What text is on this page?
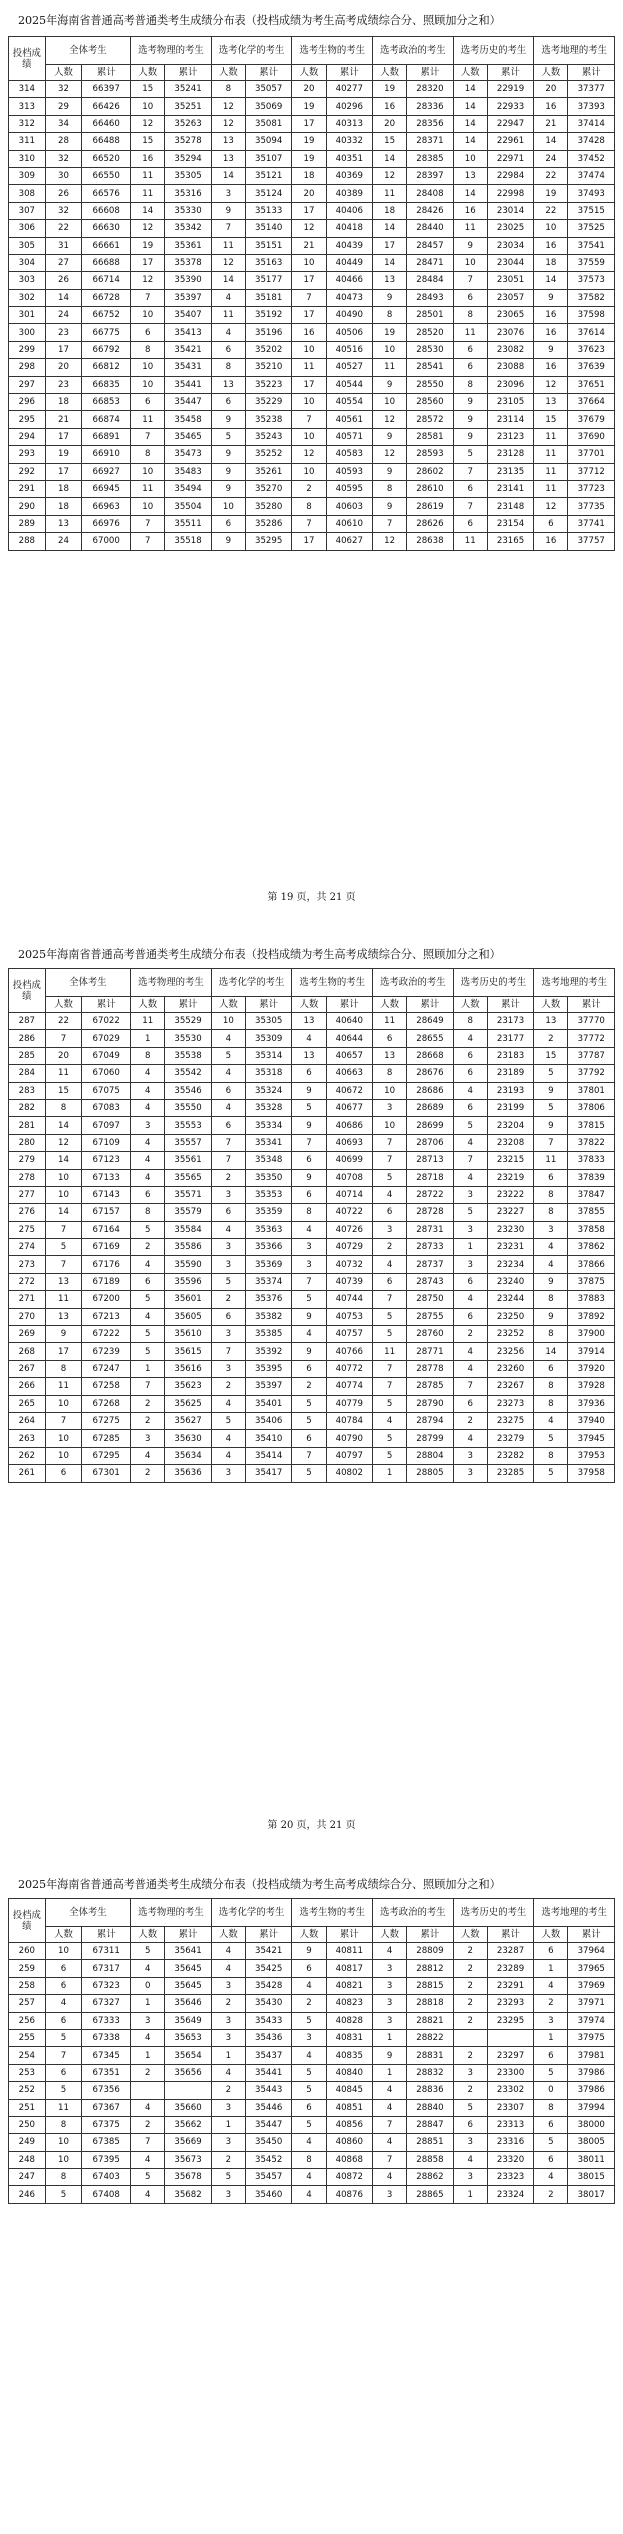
2025年海南省普通高考普通类考生成绩分布表（投档成绩为考生高考成绩综合分、照顾加分之和）
投档成绩	全体考生		选考物理的考生		选考化学的考生		选考生物的考生		选考政治的考生		选考历史的考生		选考地理的考生	
	人数	累计	人数	累计	人数	累计	人数	累计	人数	累计	人数	累计	人数	累计
314	32	66397	15	35241	8	35057	20	40277	19	28320	14	22919	20	37377
313	29	66426	10	35251	12	35069	19	40296	16	28336	14	22933	16	37393
312	34	66460	12	35263	12	35081	17	40313	20	28356	14	22947	21	37414
311	28	66488	15	35278	13	35094	19	40332	15	28371	14	22961	14	37428
310	32	66520	16	35294	13	35107	19	40351	14	28385	10	22971	24	37452
309	30	66550	11	35305	14	35121	18	40369	12	28397	13	22984	22	37474
308	26	66576	11	35316	3	35124	20	40389	11	28408	14	22998	19	37493
307	32	66608	14	35330	9	35133	17	40406	18	28426	16	23014	22	37515
306	22	66630	12	35342	7	35140	12	40418	14	28440	11	23025	10	37525
305	31	66661	19	35361	11	35151	21	40439	17	28457	9	23034	16	37541
304	27	66688	17	35378	12	35163	10	40449	14	28471	10	23044	18	37559
303	26	66714	12	35390	14	35177	17	40466	13	28484	7	23051	14	37573
302	14	66728	7	35397	4	35181	7	40473	9	28493	6	23057	9	37582
301	24	66752	10	35407	11	35192	17	40490	8	28501	8	23065	16	37598
300	23	66775	6	35413	4	35196	16	40506	19	28520	11	23076	16	37614
299	17	66792	8	35421	6	35202	10	40516	10	28530	6	23082	9	37623
298	20	66812	10	35431	8	35210	11	40527	11	28541	6	23088	16	37639
297	23	66835	10	35441	13	35223	17	40544	9	28550	8	23096	12	37651
296	18	66853	6	35447	6	35229	10	40554	10	28560	9	23105	13	37664
295	21	66874	11	35458	9	35238	7	40561	12	28572	9	23114	15	37679
294	17	66891	7	35465	5	35243	10	40571	9	28581	9	23123	11	37690
293	19	66910	8	35473	9	35252	12	40583	12	28593	5	23128	11	37701
292	17	66927	10	35483	9	35261	10	40593	9	28602	7	23135	11	37712
291	18	66945	11	35494	9	35270	2	40595	8	28610	6	23141	11	37723
290	18	66963	10	35504	10	35280	8	40603	9	28619	7	23148	12	37735
289	13	66976	7	35511	6	35286	7	40610	7	28626	6	23154	6	37741
288	24	67000	7	35518	9	35295	17	40627	12	28638	11	23165	16	37757
第 19 页，共 21 页
2025年海南省普通高考普通类考生成绩分布表（投档成绩为考生高考成绩综合分、照顾加分之和）
投档成绩	全体考生		选考物理的考生		选考化学的考生		选考生物的考生		选考政治的考生		选考历史的考生		选考地理的考生	
	人数	累计	人数	累计	人数	累计	人数	累计	人数	累计	人数	累计	人数	累计
287	22	67022	11	35529	10	35305	13	40640	11	28649	8	23173	13	37770
286	7	67029	1	35530	4	35309	4	40644	6	28655	4	23177	2	37772
285	20	67049	8	35538	5	35314	13	40657	13	28668	6	23183	15	37787
284	11	67060	4	35542	4	35318	6	40663	8	28676	6	23189	5	37792
283	15	67075	4	35546	6	35324	9	40672	10	28686	4	23193	9	37801
282	8	67083	4	35550	4	35328	5	40677	3	28689	6	23199	5	37806
281	14	67097	3	35553	6	35334	9	40686	10	28699	5	23204	9	37815
280	12	67109	4	35557	7	35341	7	40693	7	28706	4	23208	7	37822
279	14	67123	4	35561	7	35348	6	40699	7	28713	7	23215	11	37833
278	10	67133	4	35565	2	35350	9	40708	5	28718	4	23219	6	37839
277	10	67143	6	35571	3	35353	6	40714	4	28722	3	23222	8	37847
276	14	67157	8	35579	6	35359	8	40722	6	28728	5	23227	8	37855
275	7	67164	5	35584	4	35363	4	40726	3	28731	3	23230	3	37858
274	5	67169	2	35586	3	35366	3	40729	2	28733	1	23231	4	37862
273	7	67176	4	35590	3	35369	3	40732	4	28737	3	23234	4	37866
272	13	67189	6	35596	5	35374	7	40739	6	28743	6	23240	9	37875
271	11	67200	5	35601	2	35376	5	40744	7	28750	4	23244	8	37883
270	13	67213	4	35605	6	35382	9	40753	5	28755	6	23250	9	37892
269	9	67222	5	35610	3	35385	4	40757	5	28760	2	23252	8	37900
268	17	67239	5	35615	7	35392	9	40766	11	28771	4	23256	14	37914
267	8	67247	1	35616	3	35395	6	40772	7	28778	4	23260	6	37920
266	11	67258	7	35623	2	35397	2	40774	7	28785	7	23267	8	37928
265	10	67268	2	35625	4	35401	5	40779	5	28790	6	23273	8	37936
264	7	67275	2	35627	5	35406	5	40784	4	28794	2	23275	4	37940
263	10	67285	3	35630	4	35410	6	40790	5	28799	4	23279	5	37945
262	10	67295	4	35634	4	35414	7	40797	5	28804	3	23282	8	37953
261	6	67301	2	35636	3	35417	5	40802	1	28805	3	23285	5	37958
第 20 页，共 21 页
2025年海南省普通高考普通类考生成绩分布表（投档成绩为考生高考成绩综合分、照顾加分之和）
投档成绩	全体考生		选考物理的考生		选考化学的考生		选考生物的考生		选考政治的考生		选考历史的考生		选考地理的考生	
	人数	累计	人数	累计	人数	累计	人数	累计	人数	累计	人数	累计	人数	累计
260	10	67311	5	35641	4	35421	9	40811	4	28809	2	23287	6	37964
259	6	67317	4	35645	4	35425	6	40817	3	28812	2	23289	1	37965
258	6	67323	0	35645	3	35428	4	40821	3	28815	2	23291	4	37969
257	4	67327	1	35646	2	35430	2	40823	3	28818	2	23293	2	37971
256	6	67333	3	35649	3	35433	5	40828	3	28821	2	23295	3	37974
255	5	67338	4	35653	3	35436	3	40831	1	28822			1	37975
254	7	67345	1	35654	1	35437	4	40835	9	28831	2	23297	6	37981
253	6	67351	2	35656	4	35441	5	40840	1	28832	3	23300	5	37986
252	5	67356			2	35443	5	40845	4	28836	2	23302	0	37986
251	11	67367	4	35660	3	35446	6	40851	4	28840	5	23307	8	37994
250	8	67375	2	35662	1	35447	5	40856	7	28847	6	23313	6	38000
249	10	67385	7	35669	3	35450	4	40860	4	28851	3	23316	5	38005
248	10	67395	4	35673	2	35452	8	40868	7	28858	4	23320	6	38011
247	8	67403	5	35678	5	35457	4	40872	4	28862	3	23323	4	38015
246	5	67408	4	35682	3	35460	4	40876	3	28865	1	23324	2	38017
